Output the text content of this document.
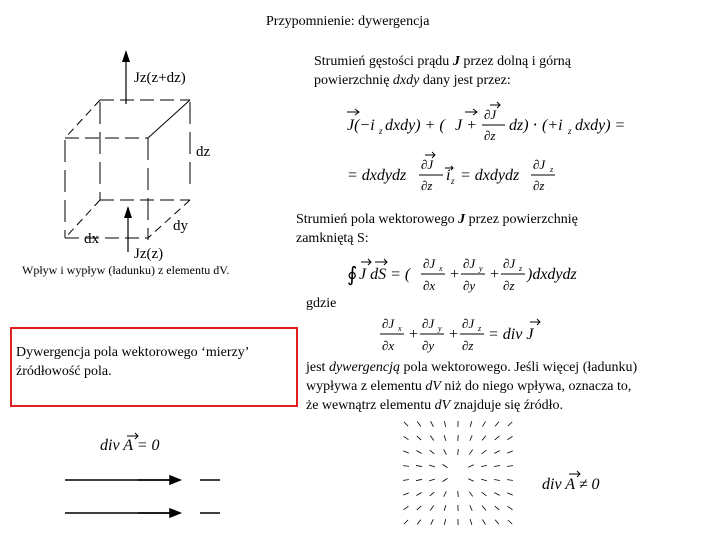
Przypomnienie: dywergencja
Strumień gęstości prądu J przez dolną i górną
powierzchnię dxdy dany jest przez:
Jz(z+dz)
Jz(z)
dz
dx
dy
Wpływ i wypływ (ładunku) z elementu dV.
J(−i z dxdy) + ( J +
∂J
∂z
dz) ⋅ (+i z dxdy) =
= dxdydz
∂J
∂z
i z = dxdydz
∂J z
∂z
Strumień pola wektorowego J przez powierzchnię
zamkniętą S:
∮ J dS = (
∂J x
∂x
+
∂J y
∂y
+
∂J z
∂z
)dxdydz
gdzie
∂J x
∂x
+
∂J y
∂y
+
∂J z
∂z
= div J
Dywergencja pola wektorowego ‘mierzy’
źródłowość pola.	jest dywergencją pola wektorowego. Jeśli więcej (ładunku)
wypływa z elementu dV niż do niego wpływa, oznacza to,
że wewnątrz elementu dV znajduje się źródło.
div A = 0
div A ≠ 0
